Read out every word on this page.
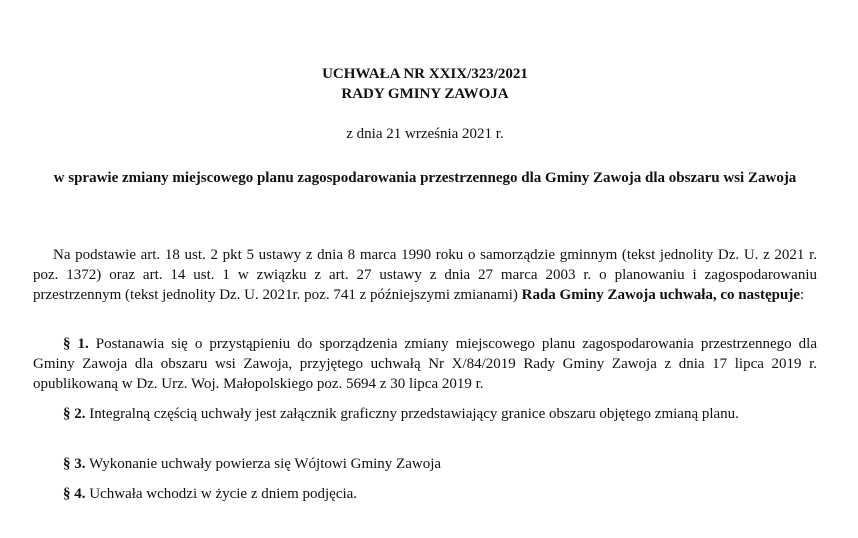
UCHWAŁA NR XXIX/323/2021
RADY GMINY ZAWOJA
z dnia 21 września 2021 r.
w sprawie zmiany miejscowego planu zagospodarowania przestrzennego dla Gminy Zawoja dla obszaru wsi Zawoja
Na podstawie art. 18 ust. 2 pkt 5 ustawy z dnia 8 marca 1990 roku o samorządzie gminnym (tekst jednolity Dz. U. z 2021 r. poz. 1372) oraz art. 14 ust. 1 w związku z art. 27 ustawy z dnia 27 marca 2003 r. o planowaniu i zagospodarowaniu przestrzennym (tekst jednolity Dz. U. 2021r. poz. 741 z późniejszymi zmianami) Rada Gminy Zawoja uchwała, co następuje:
§ 1. Postanawia się o przystąpieniu do sporządzenia zmiany miejscowego planu zagospodarowania przestrzennego dla Gminy Zawoja dla obszaru wsi Zawoja, przyjętego uchwałą Nr X/84/2019 Rady Gminy Zawoja z dnia 17 lipca 2019 r. opublikowaną w Dz. Urz. Woj. Małopolskiego poz. 5694 z 30 lipca 2019 r.
§ 2. Integralną częścią uchwały jest załącznik graficzny przedstawiający granice obszaru objętego zmianą planu.
§ 3. Wykonanie uchwały powierza się Wójtowi Gminy Zawoja
§ 4. Uchwała wchodzi w życie z dniem podjęcia.
